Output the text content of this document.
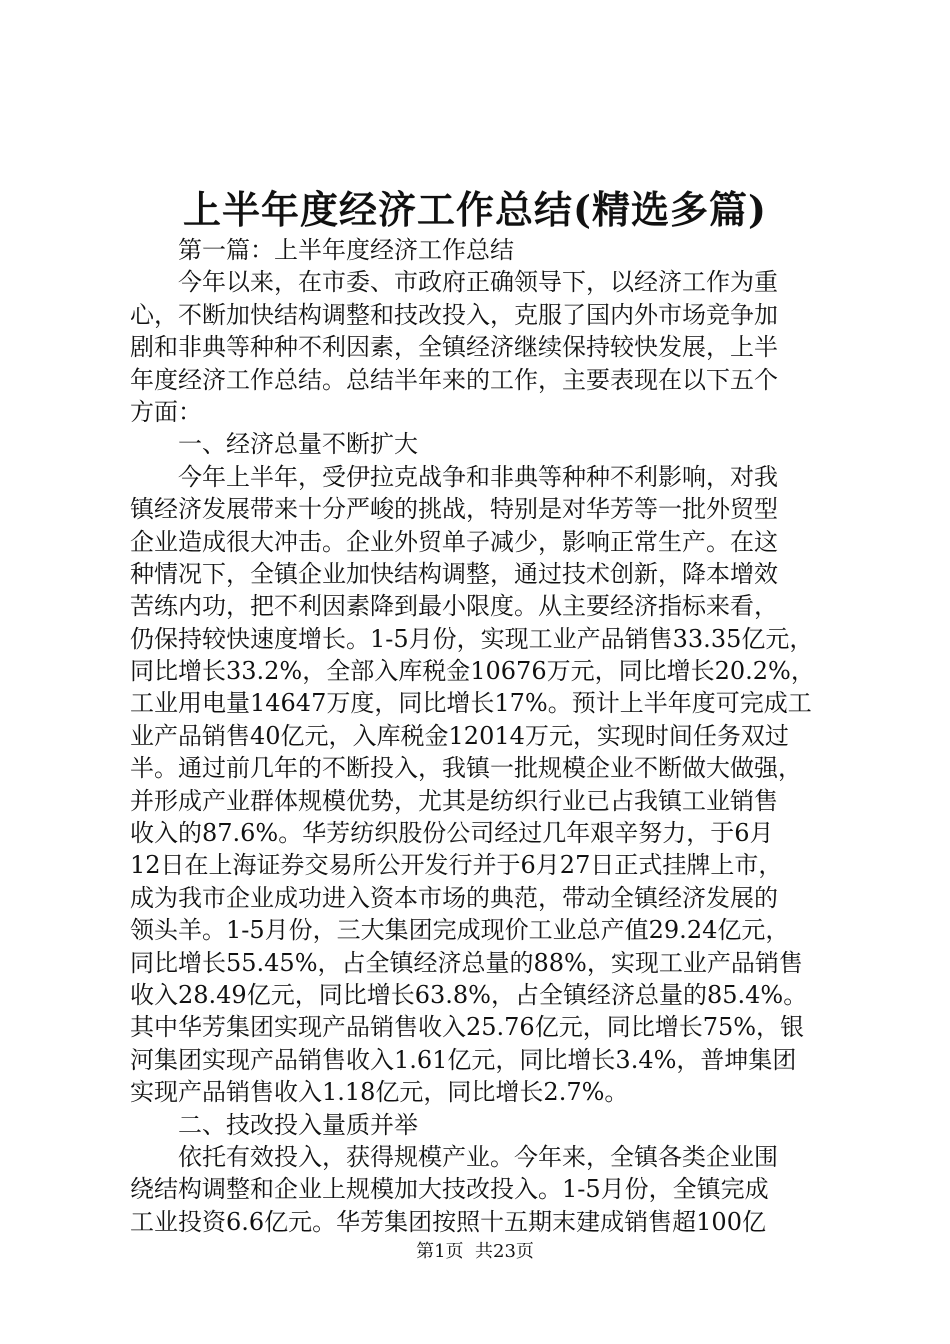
上半年度经济工作总结(精选多篇)
第一篇：上半年度经济工作总结
今年以来，在市委、市政府正确领导下，以经济工作为重
心，不断加快结构调整和技改投入，克服了国内外市场竞争加
剧和非典等种种不利因素，全镇经济继续保持较快发展，上半
年度经济工作总结。总结半年来的工作，主要表现在以下五个
方面：
一、经济总量不断扩大
今年上半年，受伊拉克战争和非典等种种不利影响，对我
镇经济发展带来十分严峻的挑战，特别是对华芳等一批外贸型
企业造成很大冲击。企业外贸单子减少，影响正常生产。在这
种情况下，全镇企业加快结构调整，通过技术创新，降本增效
苦练内功，把不利因素降到最小限度。从主要经济指标来看，
仍保持较快速度增长。1-5月份，实现工业产品销售33.35亿元，
同比增长33.2%，全部入库税金10676万元，同比增长20.2%，
工业用电量14647万度，同比增长17%。预计上半年度可完成工
业产品销售40亿元，入库税金12014万元，实现时间任务双过
半。通过前几年的不断投入，我镇一批规模企业不断做大做强，
并形成产业群体规模优势，尤其是纺织行业已占我镇工业销售
收入的87.6%。华芳纺织股份公司经过几年艰辛努力，于6月
12日在上海证券交易所公开发行并于6月27日正式挂牌上市，
成为我市企业成功进入资本市场的典范，带动全镇经济发展的
领头羊。1-5月份，三大集团完成现价工业总产值29.24亿元，
同比增长55.45%，占全镇经济总量的88%，实现工业产品销售
收入28.49亿元，同比增长63.8%，占全镇经济总量的85.4%。
其中华芳集团实现产品销售收入25.76亿元，同比增长75%，银
河集团实现产品销售收入1.61亿元，同比增长3.4%，普坤集团
实现产品销售收入1.18亿元，同比增长2.7%。
二、技改投入量质并举
依托有效投入，获得规模产业。今年来，全镇各类企业围
绕结构调整和企业上规模加大技改投入。1-5月份，全镇完成
工业投资6.6亿元。华芳集团按照十五期末建成销售超100亿
第1页 共23页
